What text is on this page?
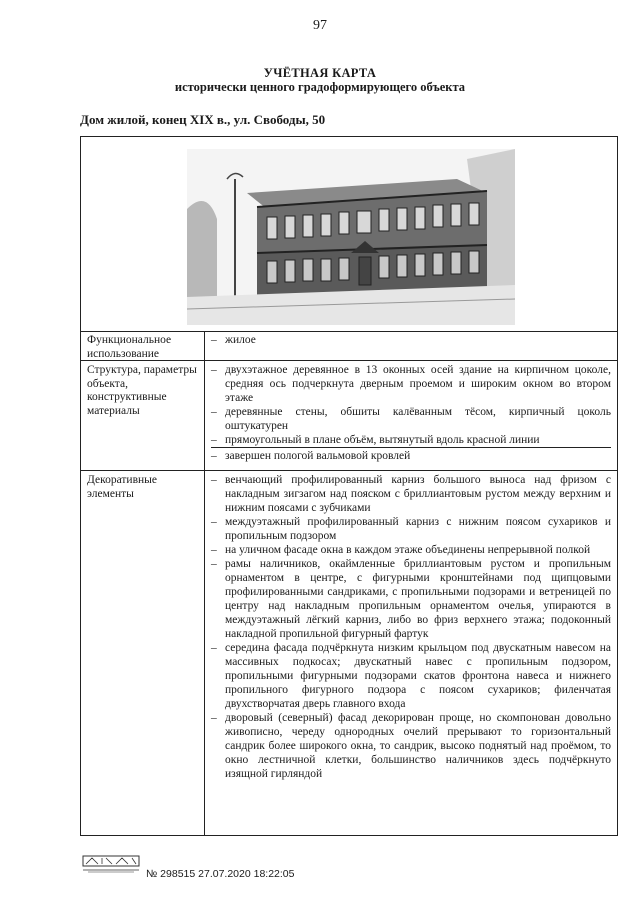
97
УЧЁТНАЯ КАРТА
исторически ценного градоформирующего объекта
Дом жилой, конец XIX в., ул. Свободы, 50
Функциональное использование
– жилое
Структура, параметры объекта, конструктивные материалы
– двухэтажное деревянное в 13 оконных осей здание на кирпичном цоколе, средняя ось подчеркнута дверным проемом и широким окном во втором этаже
– деревянные стены, обшиты калёванным тёсом, кирпичный цоколь оштукатурен
– прямоугольный в плане объём, вытянутый вдоль красной линии
– завершен пологой вальмовой кровлей
Декоративные элементы
– венчающий профилированный карниз большого выноса над фризом с накладным зигзагом над пояском с бриллиантовым рустом между верхним и нижним поясами с зубчиками
– междуэтажный профилированный карниз с нижним поясом сухариков и пропильным подзором
– на уличном фасаде окна в каждом этаже объединены непрерывной полкой
– рамы наличников, окаймленные бриллиантовым рустом и пропильным орнаментом в центре, с фигурными кронштейнами под щипцовыми профилированными сандриками, с пропильными подзорами и ветреницей по центру над накладным пропильным орнаментом очелья, упираются в междуэтажный лёгкий карниз, либо во фриз верхнего этажа; подоконный накладной пропильной фигурный фартук
– середина фасада подчёркнута низким крыльцом под двускатным навесом на массивных подкосах; двускатный навес с пропильным подзором, пропильными фигурными подзорами скатов фронтона навеса и нижнего пропильного фигурного подзора с поясом сухариков; филенчатая двухстворчатая дверь главного входа
– дворовый (северный) фасад декорирован проще, но скомпонован довольно живописно, череду однородных очелий прерывают то горизонтальный сандрик более широкого окна, то сандрик, высоко поднятый над проёмом, то окно лестничной клетки, большинство наличников здесь подчёркнуто изящной гирляндой
№ 298515 27.07.2020 18:22:05
